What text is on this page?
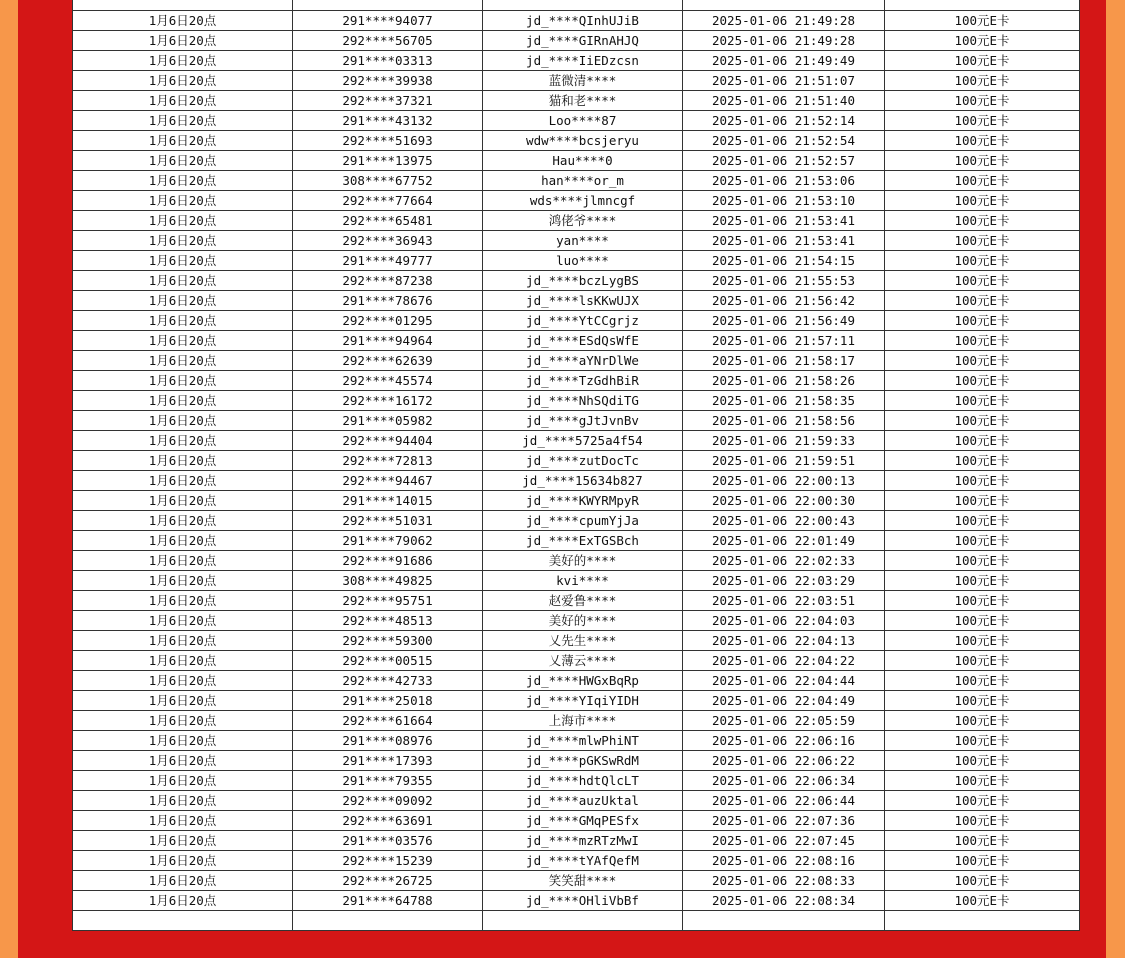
1月6日20点	291****94077	jd_****QInhUJiB	2025-01-06 21:49:28	100元E卡
1月6日20点	292****56705	jd_****GIRnAHJQ	2025-01-06 21:49:28	100元E卡
1月6日20点	291****03313	jd_****IiEDzcsn	2025-01-06 21:49:49	100元E卡
1月6日20点	292****39938	蓝微清****	2025-01-06 21:51:07	100元E卡
1月6日20点	292****37321	猫和老****	2025-01-06 21:51:40	100元E卡
1月6日20点	291****43132	Loo****87	2025-01-06 21:52:14	100元E卡
1月6日20点	292****51693	wdw****bcsjeryu	2025-01-06 21:52:54	100元E卡
1月6日20点	291****13975	Hau****0	2025-01-06 21:52:57	100元E卡
1月6日20点	308****67752	han****or_m	2025-01-06 21:53:06	100元E卡
1月6日20点	292****77664	wds****jlmncgf	2025-01-06 21:53:10	100元E卡
1月6日20点	292****65481	鸿佬爷****	2025-01-06 21:53:41	100元E卡
1月6日20点	292****36943	yan****	2025-01-06 21:53:41	100元E卡
1月6日20点	291****49777	luo****	2025-01-06 21:54:15	100元E卡
1月6日20点	292****87238	jd_****bczLygBS	2025-01-06 21:55:53	100元E卡
1月6日20点	291****78676	jd_****lsKKwUJX	2025-01-06 21:56:42	100元E卡
1月6日20点	292****01295	jd_****YtCCgrjz	2025-01-06 21:56:49	100元E卡
1月6日20点	291****94964	jd_****ESdQsWfE	2025-01-06 21:57:11	100元E卡
1月6日20点	292****62639	jd_****aYNrDlWe	2025-01-06 21:58:17	100元E卡
1月6日20点	292****45574	jd_****TzGdhBiR	2025-01-06 21:58:26	100元E卡
1月6日20点	292****16172	jd_****NhSQdiTG	2025-01-06 21:58:35	100元E卡
1月6日20点	291****05982	jd_****gJtJvnBv	2025-01-06 21:58:56	100元E卡
1月6日20点	292****94404	jd_****5725a4f54	2025-01-06 21:59:33	100元E卡
1月6日20点	292****72813	jd_****zutDocTc	2025-01-06 21:59:51	100元E卡
1月6日20点	292****94467	jd_****15634b827	2025-01-06 22:00:13	100元E卡
1月6日20点	291****14015	jd_****KWYRMpyR	2025-01-06 22:00:30	100元E卡
1月6日20点	292****51031	jd_****cpumYjJa	2025-01-06 22:00:43	100元E卡
1月6日20点	291****79062	jd_****ExTGSBch	2025-01-06 22:01:49	100元E卡
1月6日20点	292****91686	美好的****	2025-01-06 22:02:33	100元E卡
1月6日20点	308****49825	kvi****	2025-01-06 22:03:29	100元E卡
1月6日20点	292****95751	赵爱鲁****	2025-01-06 22:03:51	100元E卡
1月6日20点	292****48513	美好的****	2025-01-06 22:04:03	100元E卡
1月6日20点	292****59300	乂先生****	2025-01-06 22:04:13	100元E卡
1月6日20点	292****00515	乂薄云****	2025-01-06 22:04:22	100元E卡
1月6日20点	292****42733	jd_****HWGxBqRp	2025-01-06 22:04:44	100元E卡
1月6日20点	291****25018	jd_****YIqiYIDH	2025-01-06 22:04:49	100元E卡
1月6日20点	292****61664	上海市****	2025-01-06 22:05:59	100元E卡
1月6日20点	291****08976	jd_****mlwPhiNT	2025-01-06 22:06:16	100元E卡
1月6日20点	291****17393	jd_****pGKSwRdM	2025-01-06 22:06:22	100元E卡
1月6日20点	291****79355	jd_****hdtQlcLT	2025-01-06 22:06:34	100元E卡
1月6日20点	292****09092	jd_****auzUktal	2025-01-06 22:06:44	100元E卡
1月6日20点	292****63691	jd_****GMqPESfx	2025-01-06 22:07:36	100元E卡
1月6日20点	291****03576	jd_****mzRTzMwI	2025-01-06 22:07:45	100元E卡
1月6日20点	292****15239	jd_****tYAfQefM	2025-01-06 22:08:16	100元E卡
1月6日20点	292****26725	笑笑甜****	2025-01-06 22:08:33	100元E卡
1月6日20点	291****64788	jd_****OHliVbBf	2025-01-06 22:08:34	100元E卡
